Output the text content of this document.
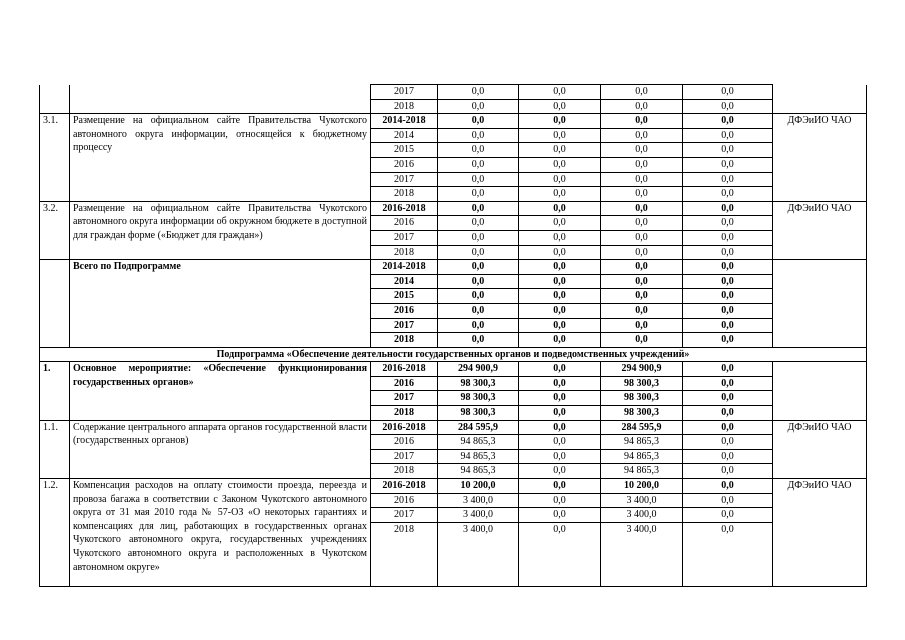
		2017	0,0	0,0	0,0	0,0	
		2018	0,0	0,0	0,0	0,0	
3.1.	Размещение на официальном сайте Правительства Чукотского автономного округа информации, относящейся к бюджетному процессу	2014-2018	0,0	0,0	0,0	0,0	ДФЭиИО ЧАО
		2014	0,0	0,0	0,0	0,0	
		2015	0,0	0,0	0,0	0,0	
		2016	0,0	0,0	0,0	0,0	
		2017	0,0	0,0	0,0	0,0	
		2018	0,0	0,0	0,0	0,0	
3.2.	Размещение на официальном сайте Правительства Чукотского автономного округа информации об окружном бюджете в доступной для граждан форме («Бюджет для граждан»)	2016-2018	0,0	0,0	0,0	0,0	ДФЭиИО ЧАО
		2016	0,0	0,0	0,0	0,0	
		2017	0,0	0,0	0,0	0,0	
		2018	0,0	0,0	0,0	0,0	
	Всего по Подпрограмме	2014-2018	0,0	0,0	0,0	0,0	
		2014	0,0	0,0	0,0	0,0	
		2015	0,0	0,0	0,0	0,0	
		2016	0,0	0,0	0,0	0,0	
		2017	0,0	0,0	0,0	0,0	
		2018	0,0	0,0	0,0	0,0	
Подпрограмма «Обеспечение деятельности государственных органов и подведомственных учреждений»							
1.	Основное мероприятие: «Обеспечение функционирования государственных органов»	2016-2018	294 900,9	0,0	294 900,9	0,0	
		2016	98 300,3	0,0	98 300,3	0,0	
		2017	98 300,3	0,0	98 300,3	0,0	
		2018	98 300,3	0,0	98 300,3	0,0	
1.1.	Содержание центрального аппарата органов государственной власти (государственных органов)	2016-2018	284 595,9	0,0	284 595,9	0,0	ДФЭиИО ЧАО
		2016	94 865,3	0,0	94 865,3	0,0	
		2017	94 865,3	0,0	94 865,3	0,0	
		2018	94 865,3	0,0	94 865,3	0,0	
1.2.	Компенсация расходов на оплату стоимости проезда, переезда и провоза багажа в соответствии с Законом Чукотского автономного округа от 31 мая 2010 года № 57-ОЗ «О некоторых гарантиях и компенсациях для лиц, работающих в государственных органах Чукотского автономного округа, государственных учреждениях Чукотского автономного округа и расположенных в Чукотском автономном округе»	2016-2018	10 200,0	0,0	10 200,0	0,0	ДФЭиИО ЧАО
		2016	3 400,0	0,0	3 400,0	0,0	
		2017	3 400,0	0,0	3 400,0	0,0	
		2018	3 400,0	0,0	3 400,0	0,0	
